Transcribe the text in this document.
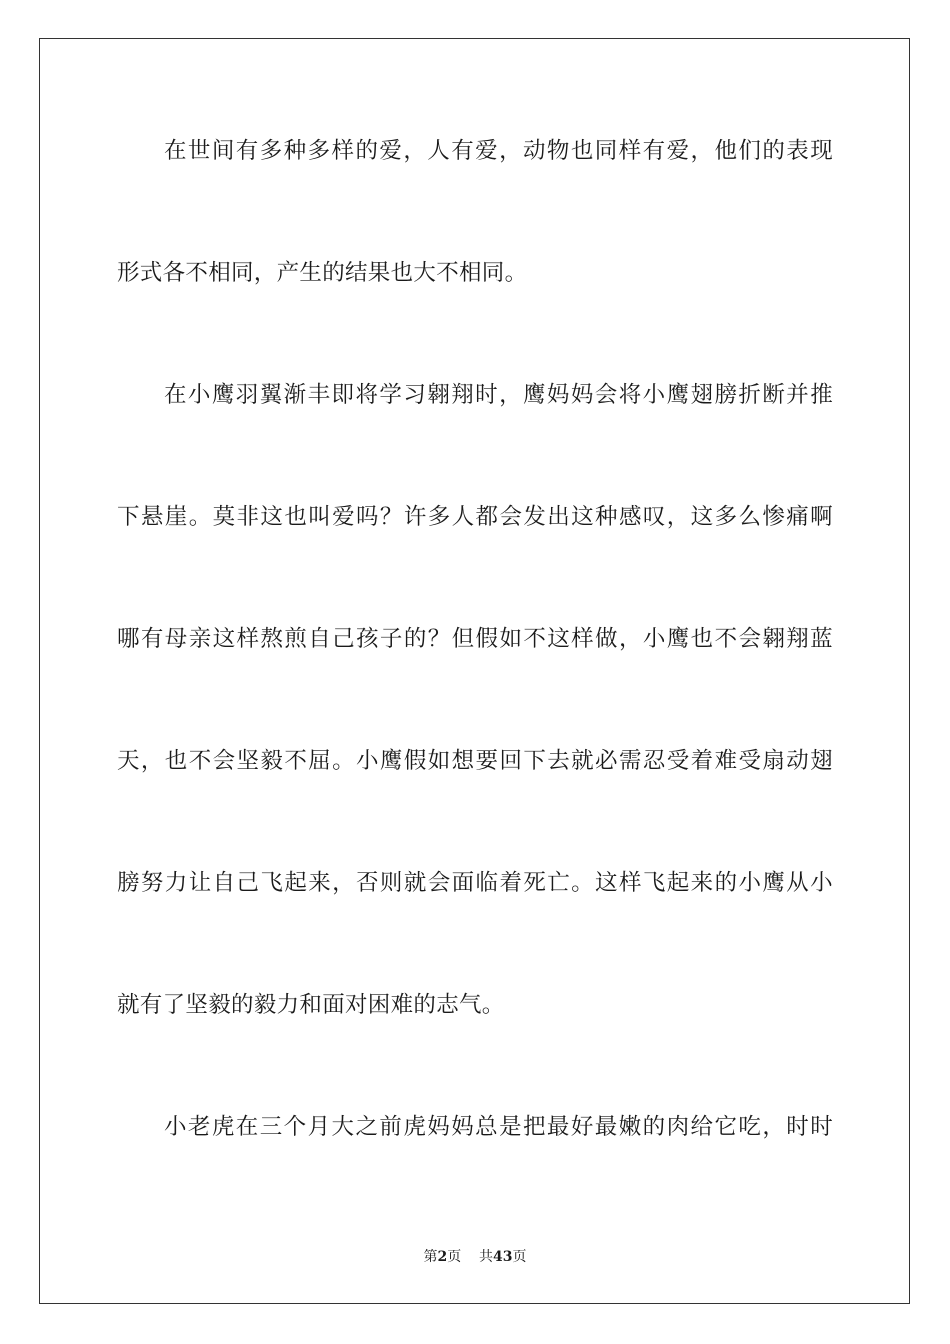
在世间有多种多样的爱，人有爱，动物也同样有爱，他们的表现
形式各不相同，产生的结果也大不相同。
在小鹰羽翼渐丰即将学习翱翔时，鹰妈妈会将小鹰翅膀折断并推
下悬崖。莫非这也叫爱吗？许多人都会发出这种感叹，这多么惨痛啊
哪有母亲这样熬煎自己孩子的？但假如不这样做，小鹰也不会翱翔蓝
天，也不会坚毅不屈。小鹰假如想要回下去就必需忍受着难受扇动翅
膀努力让自己飞起来，否则就会面临着死亡。这样飞起来的小鹰从小
就有了坚毅的毅力和面对困难的志气。
小老虎在三个月大之前虎妈妈总是把最好最嫩的肉给它吃，时时
第2页 共43页
